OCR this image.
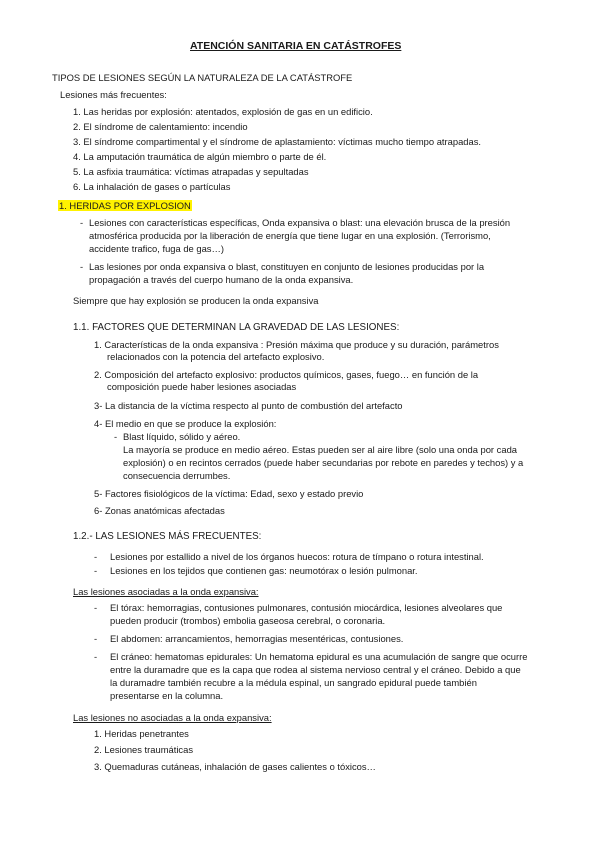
ATENCIÓN SANITARIA EN CATÁSTROFES
TIPOS DE LESIONES SEGÚN LA NATURALEZA DE LA CATÁSTROFE
Lesiones más frecuentes:
1. Las heridas por explosión: atentados, explosión de gas en un edificio.
2. El síndrome de calentamiento: incendio
3. El síndrome compartimental y el síndrome de aplastamiento: víctimas mucho tiempo atrapadas.
4. La amputación traumática de algún miembro o parte de él.
5. La asfixia traumática: víctimas atrapadas y sepultadas
6. La inhalación de gases o partículas
1. HERIDAS POR EXPLOSION
- Lesiones con características específicas, Onda expansiva o blast: una elevación brusca de la presión
atmosférica producida por la liberación de energía que tiene lugar en una explosión. (Terrorismo,
accidente trafico, fuga de gas…)
- Las lesiones por onda expansiva o blast, constituyen en conjunto de lesiones producidas por la
propagación a través del cuerpo humano de la onda expansiva.
Siempre que hay explosión se producen la onda expansiva
1.1. FACTORES QUE DETERMINAN LA GRAVEDAD DE LAS LESIONES:
1. Características de la onda expansiva : Presión máxima que produce y su duración, parámetros
relacionados con la potencia del artefacto explosivo.
2. Composición del artefacto explosivo: productos químicos, gases, fuego… en función de la
composición puede haber lesiones asociadas
3- La distancia de la víctima respecto al punto de combustión del artefacto
4- El medio en que se produce la explosión:
- Blast líquido, sólido y aéreo.
La mayoría se produce en medio aéreo. Estas pueden ser al aire libre (solo una onda por cada
explosión) o en recintos cerrados (puede haber secundarias por rebote en paredes y techos) y a
consecuencia derrumbes.
5- Factores fisiológicos de la víctima: Edad, sexo y estado previo
6- Zonas anatómicas afectadas
1.2.- LAS LESIONES MÁS FRECUENTES:
- Lesiones por estallido a nivel de los órganos huecos: rotura de tímpano o rotura intestinal.
- Lesiones en los tejidos que contienen gas: neumotórax o lesión pulmonar.
Las lesiones asociadas a la onda expansiva:
- El tórax: hemorragias, contusiones pulmonares, contusión miocárdica, lesiones alveolares que
pueden producir (trombos) embolia gaseosa cerebral, o coronaria.
- El abdomen: arrancamientos, hemorragias mesentéricas, contusiones.
- El cráneo: hematomas epidurales: Un hematoma epidural es una acumulación de sangre que ocurre
entre la duramadre que es la capa que rodea al sistema nervioso central y el cráneo. Debido a que
la duramadre también recubre a la médula espinal, un sangrado epidural puede también
presentarse en la columna.
Las lesiones no asociadas a la onda expansiva:
1. Heridas penetrantes
2. Lesiones traumáticas
3. Quemaduras cutáneas, inhalación de gases calientes o tóxicos…
